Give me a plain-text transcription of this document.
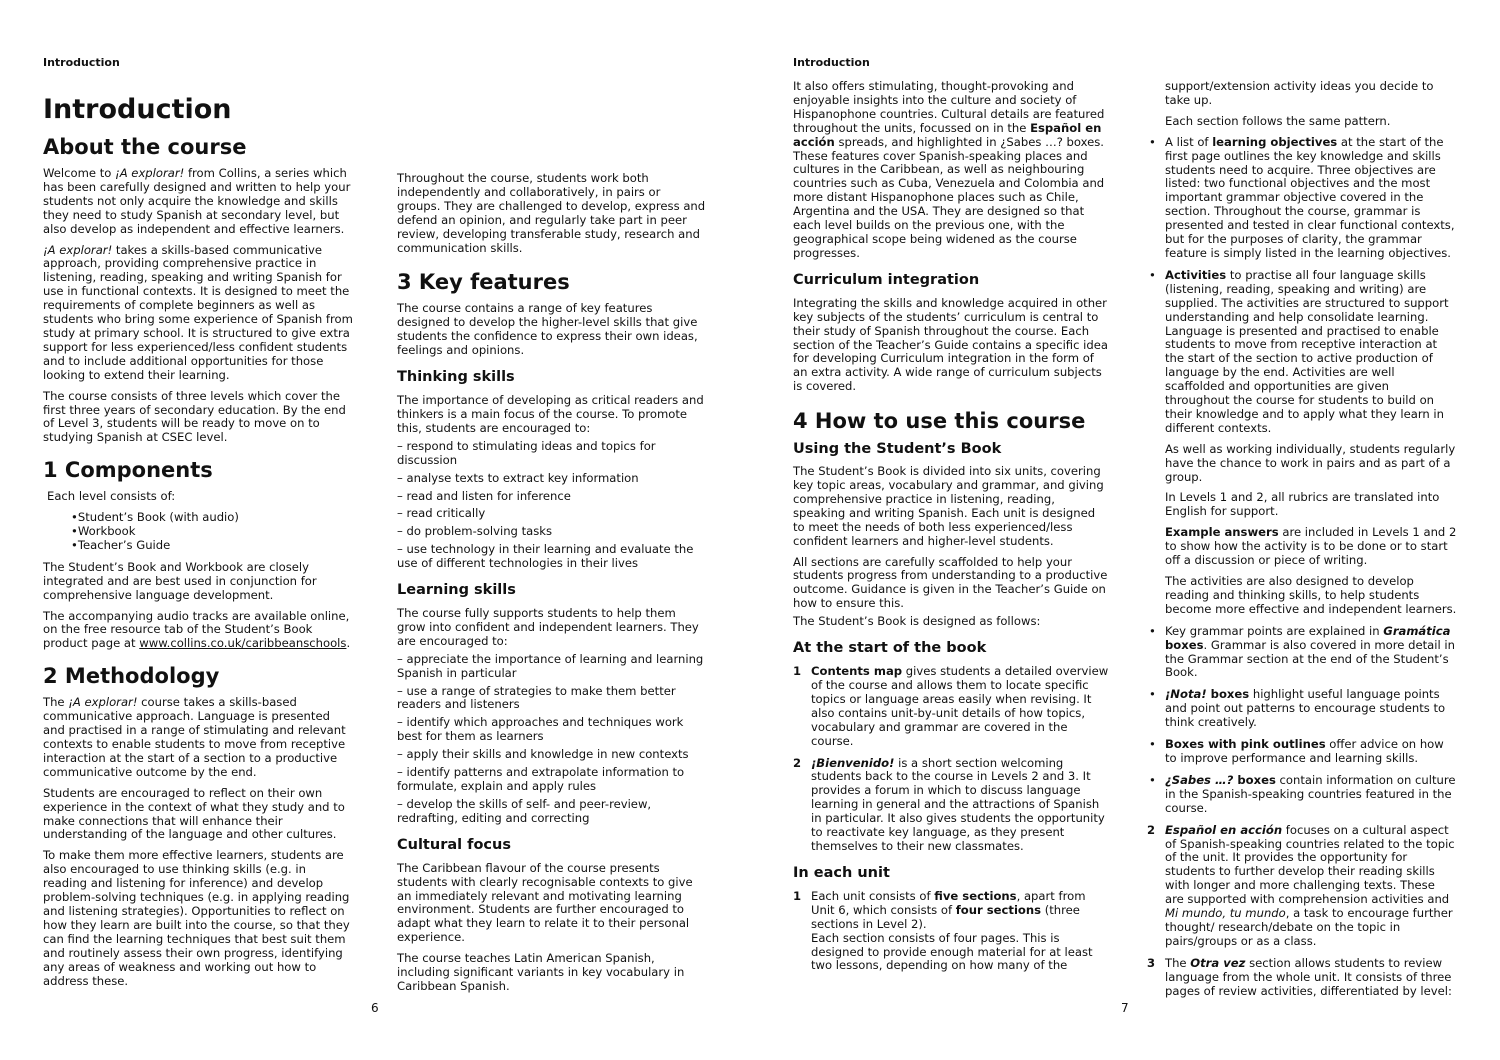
Introduction
Introduction
About the course

Welcome to ¡A explorar! from Collins, a series which has been carefully designed and written to help your students not only acquire the knowledge and skills they need to study Spanish at secondary level, but also develop as independent and effective learners.

¡A explorar! takes a skills-based communicative approach, providing comprehensive practice in listening, reading, speaking and writing Spanish for use in functional contexts. It is designed to meet the requirements of complete beginners as well as students who bring some experience of Spanish from study at primary school. It is structured to give extra support for less experienced/less confident students and to include additional opportunities for those looking to extend their learning.

The course consists of three levels which cover the first three years of secondary education. By the end of Level 3, students will be ready to move on to studying Spanish at CSEC level.

1 Components

Each level consists of:

• Student’s Book (with audio)
• Workbook
• Teacher’s Guide

The Student’s Book and Workbook are closely integrated and are best used in conjunction for comprehensive language development.

The accompanying audio tracks are available online, on the free resource tab of the Student’s Book product page at www.collins.co.uk/caribbeanschools.

2 Methodology

The ¡A explorar! course takes a skills-based communicative approach. Language is presented and practised in a range of stimulating and relevant contexts to enable students to move from receptive interaction at the start of a section to a productive communicative outcome by the end.

Students are encouraged to reflect on their own experience in the context of what they study and to make connections that will enhance their understanding of the language and other cultures.

To make them more effective learners, students are also encouraged to use thinking skills (e.g. in reading and listening for inference) and develop problem-solving techniques (e.g. in applying reading and listening strategies). Opportunities to reflect on how they learn are built into the course, so that they can find the learning techniques that best suit them and routinely assess their own progress, identifying any areas of weakness and working out how to address these.

Throughout the course, students work both independently and collaboratively, in pairs or groups. They are challenged to develop, express and defend an opinion, and regularly take part in peer review, developing transferable study, research and communication skills.

3 Key features

The course contains a range of key features designed to develop the higher-level skills that give students the confidence to express their own ideas, feelings and opinions.

Thinking skills

The importance of developing as critical readers and thinkers is a main focus of the course. To promote this, students are encouraged to:

– respond to stimulating ideas and topics for discussion
– analyse texts to extract key information
– read and listen for inference
– read critically
– do problem-solving tasks
– use technology in their learning and evaluate the use of different technologies in their lives
Learning skills

The course fully supports students to help them grow into confident and independent learners. They are encouraged to:

– appreciate the importance of learning and learning Spanish in particular
– use a range of strategies to make them better readers and listeners
– identify which approaches and techniques work best for them as learners
– apply their skills and knowledge in new contexts
– identify patterns and extrapolate information to formulate, explain and apply rules
– develop the skills of self- and peer-review, redrafting, editing and correcting
Cultural focus

The Caribbean flavour of the course presents students with clearly recognisable contexts to give an immediately relevant and motivating learning environment. Students are further encouraged to adapt what they learn to relate it to their personal experience.

The course teaches Latin American Spanish, including significant variants in key vocabulary in Caribbean Spanish.

6
Introduction

It also offers stimulating, thought-provoking and enjoyable insights into the culture and society of Hispanophone countries. Cultural details are featured throughout the units, focussed on in the Español en acción spreads, and highlighted in ¿Sabes …? boxes. These features cover Spanish-speaking places and cultures in the Caribbean, as well as neighbouring countries such as Cuba, Venezuela and Colombia and more distant Hispanophone places such as Chile, Argentina and the USA. They are designed so that each level builds on the previous one, with the geographical scope being widened as the course progresses.

Curriculum integration

Integrating the skills and knowledge acquired in other key subjects of the students’ curriculum is central to their study of Spanish throughout the course. Each section of the Teacher’s Guide contains a specific idea for developing Curriculum integration in the form of an extra activity. A wide range of curriculum subjects is covered.

4 How to use this course
Using the Student’s Book

The Student’s Book is divided into six units, covering key topic areas, vocabulary and grammar, and giving comprehensive practice in listening, reading, speaking and writing Spanish. Each unit is designed to meet the needs of both less experienced/less confident learners and higher-level students.

All sections are carefully scaffolded to help your students progress from understanding to a productive outcome. Guidance is given in the Teacher’s Guide on how to ensure this.

The Student’s Book is designed as follows:

At the start of the book
1 Contents map gives students a detailed overview of the course and allows them to locate specific topics or language areas easily when revising. It also contains unit-by-unit details of how topics, vocabulary and grammar are covered in the course.
2 ¡Bienvenido! is a short section welcoming students back to the course in Levels 2 and 3. It provides a forum in which to discuss language learning in general and the attractions of Spanish in particular. It also gives students the opportunity to reactivate key language, as they present themselves to their new classmates.
In each unit
1 Each unit consists of five sections, apart from Unit 6, which consists of four sections (three sections in Level 2).
Each section consists of four pages. This is designed to provide enough material for at least two lessons, depending on how many of the

support/extension activity ideas you decide to take up.

Each section follows the same pattern.

• A list of learning objectives at the start of the first page outlines the key knowledge and skills students need to acquire. Three objectives are listed: two functional objectives and the most important grammar objective covered in the section. Throughout the course, grammar is presented and tested in clear functional contexts, but for the purposes of clarity, the grammar feature is simply listed in the learning objectives.
• Activities to practise all four language skills (listening, reading, speaking and writing) are supplied. The activities are structured to support understanding and help consolidate learning. Language is presented and practised to enable students to move from receptive interaction at the start of the section to active production of language by the end. Activities are well scaffolded and opportunities are given throughout the course for students to build on their knowledge and to apply what they learn in different contexts.

As well as working individually, students regularly have the chance to work in pairs and as part of a group.

In Levels 1 and 2, all rubrics are translated into English for support.

Example answers are included in Levels 1 and 2 to show how the activity is to be done or to start off a discussion or piece of writing.

The activities are also designed to develop reading and thinking skills, to help students become more effective and independent learners.

• Key grammar points are explained in Gramática boxes. Grammar is also covered in more detail in the Grammar section at the end of the Student’s Book.
• ¡Nota! boxes highlight useful language points and point out patterns to encourage students to think creatively.
• Boxes with pink outlines offer advice on how to improve performance and learning skills.
• ¿Sabes …? boxes contain information on culture in the Spanish-speaking countries featured in the course.
2 Español en acción focuses on a cultural aspect of Spanish-speaking countries related to the topic of the unit. It provides the opportunity for students to further develop their reading skills with longer and more challenging texts. These are supported with comprehension activities and Mi mundo, tu mundo, a task to encourage further thought/ research/debate on the topic in pairs/groups or as a class.
3 The Otra vez section allows students to review language from the whole unit. It consists of three pages of review activities, differentiated by level:
7
